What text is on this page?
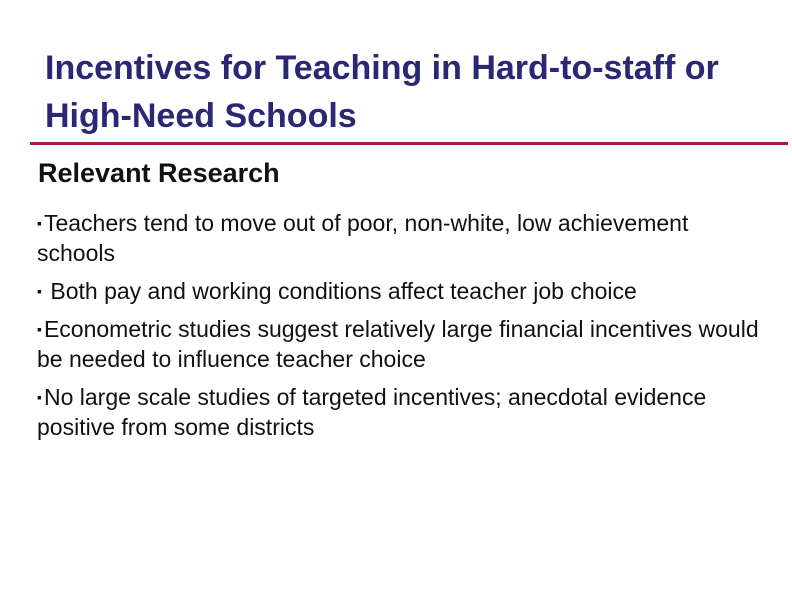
Incentives for Teaching in Hard-to-staff or High-Need Schools
Relevant Research
▪Teachers tend to move out of poor, non-white, low achievement schools
▪ Both pay and working conditions affect teacher job choice
▪Econometric studies suggest relatively large financial incentives would be needed to influence teacher choice
▪No large scale studies of targeted incentives; anecdotal evidence positive from some districts
